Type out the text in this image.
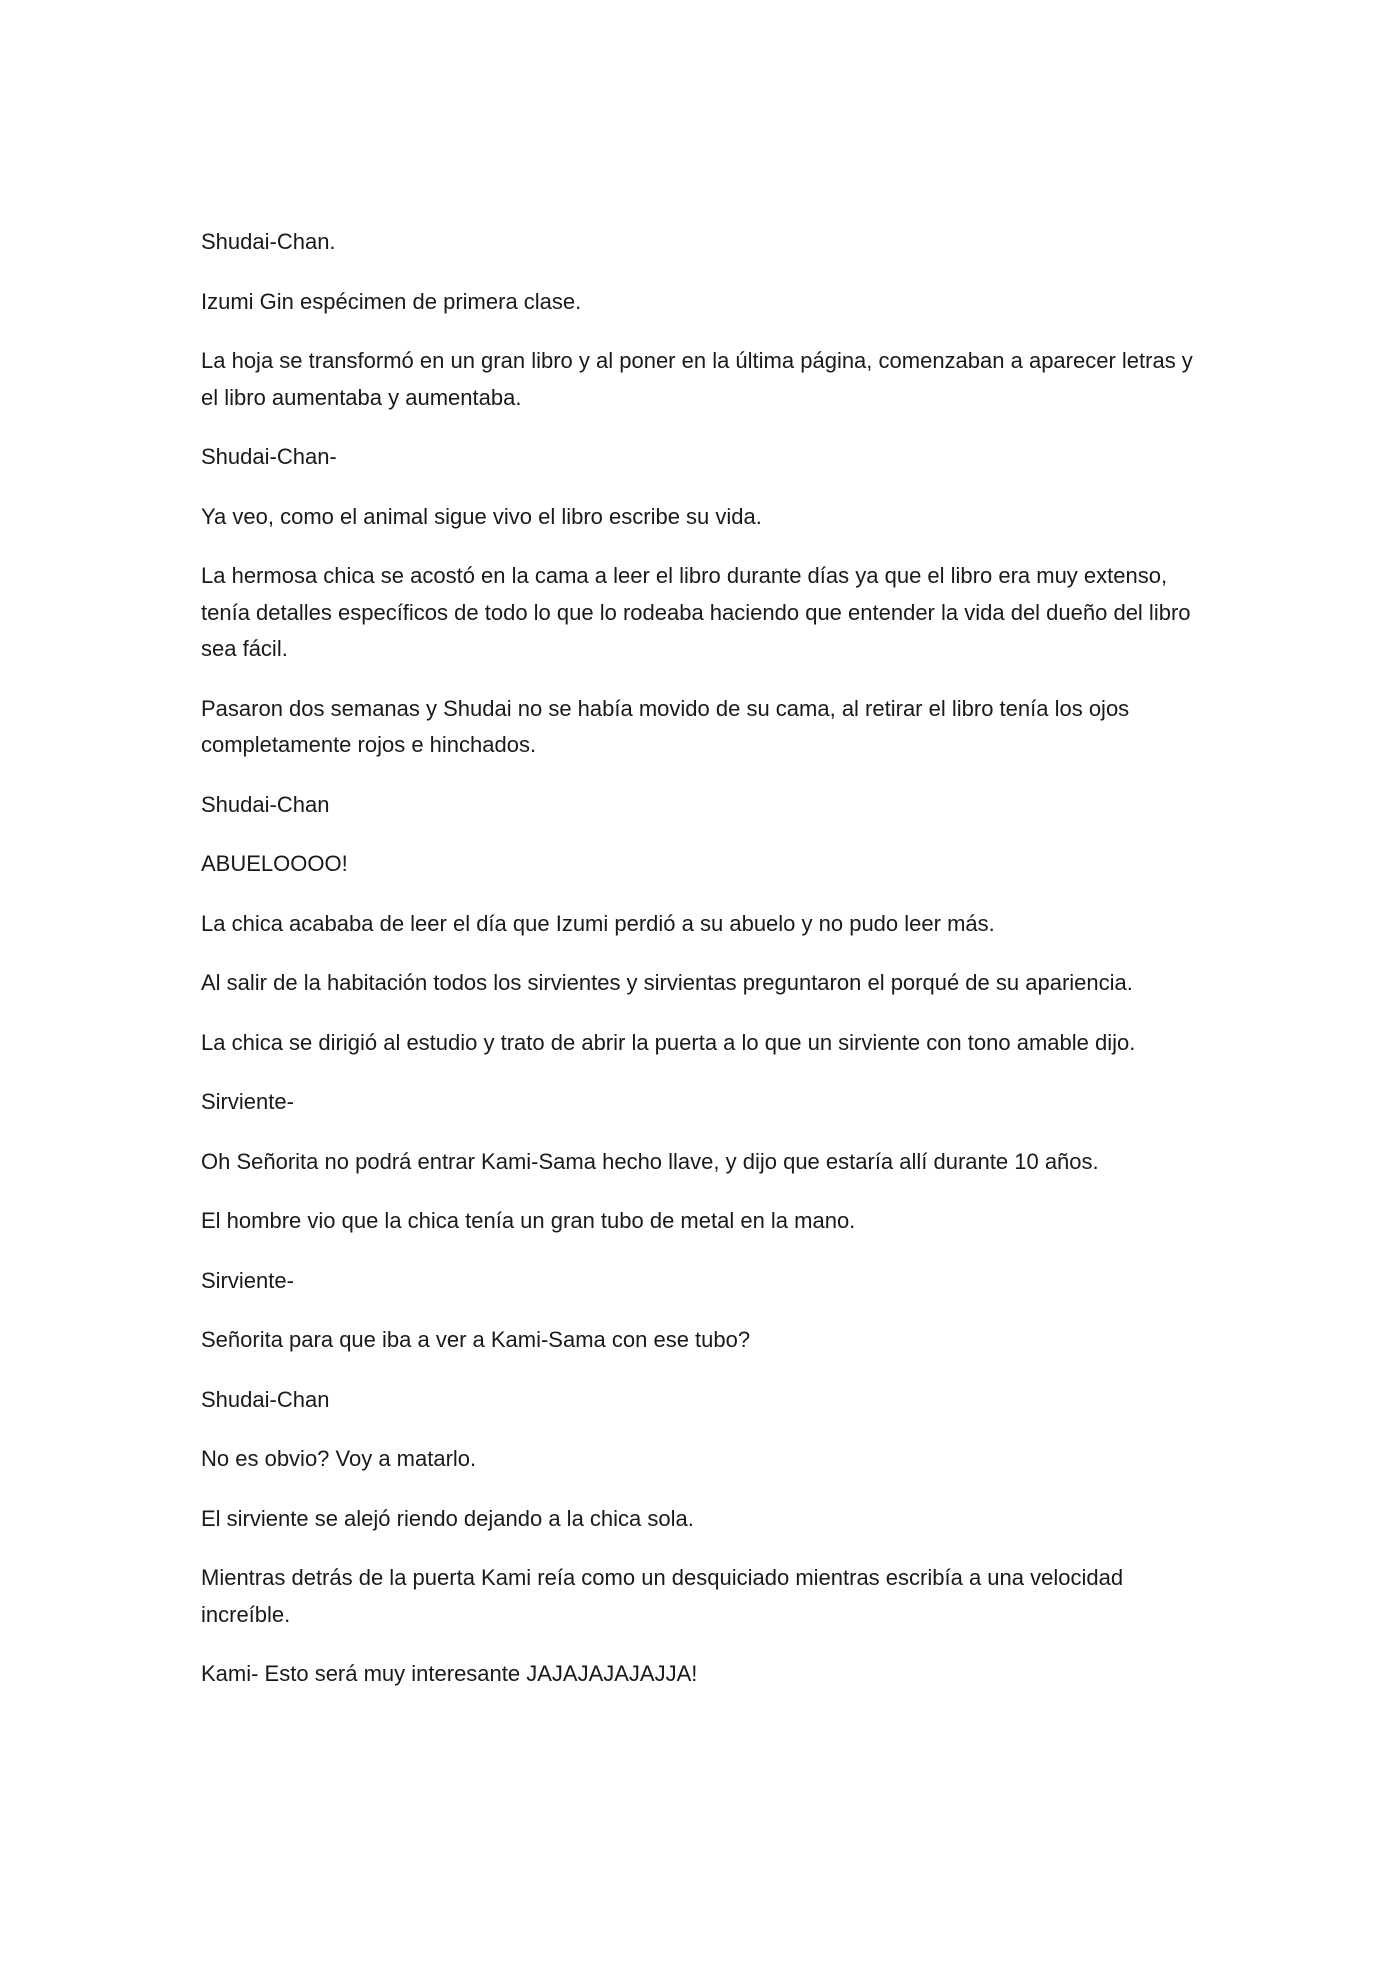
Shudai-Chan.

Izumi Gin espécimen de primera clase.

La hoja se transformó en un gran libro y al poner en la última página, comenzaban a aparecer letras y el libro aumentaba y aumentaba.

Shudai-Chan-

Ya veo, como el animal sigue vivo el libro escribe su vida.

La hermosa chica se acostó en la cama a leer el libro durante días ya que el libro era muy extenso, tenía detalles específicos de todo lo que lo rodeaba haciendo que entender la vida del dueño del libro sea fácil.

Pasaron dos semanas y Shudai no se había movido de su cama, al retirar el libro tenía los ojos completamente rojos e hinchados.

Shudai-Chan

ABUELOOOO!

La chica acababa de leer el día que Izumi perdió a su abuelo y no pudo leer más.

Al salir de la habitación todos los sirvientes y sirvientas preguntaron el porqué de su apariencia.

La chica se dirigió al estudio y trato de abrir la puerta a lo que un sirviente con tono amable dijo.

Sirviente-

Oh Señorita no podrá entrar Kami-Sama hecho llave, y dijo que estaría allí durante 10 años.

El hombre vio que la chica tenía un gran tubo de metal en la mano.

Sirviente-

Señorita para que iba a ver a Kami-Sama con ese tubo?

Shudai-Chan

No es obvio? Voy a matarlo.

El sirviente se alejó riendo dejando a la chica sola.

Mientras detrás de la puerta Kami reía como un desquiciado mientras escribía a una velocidad increíble.

Kami- Esto será muy interesante JAJAJAJAJAJJA!
